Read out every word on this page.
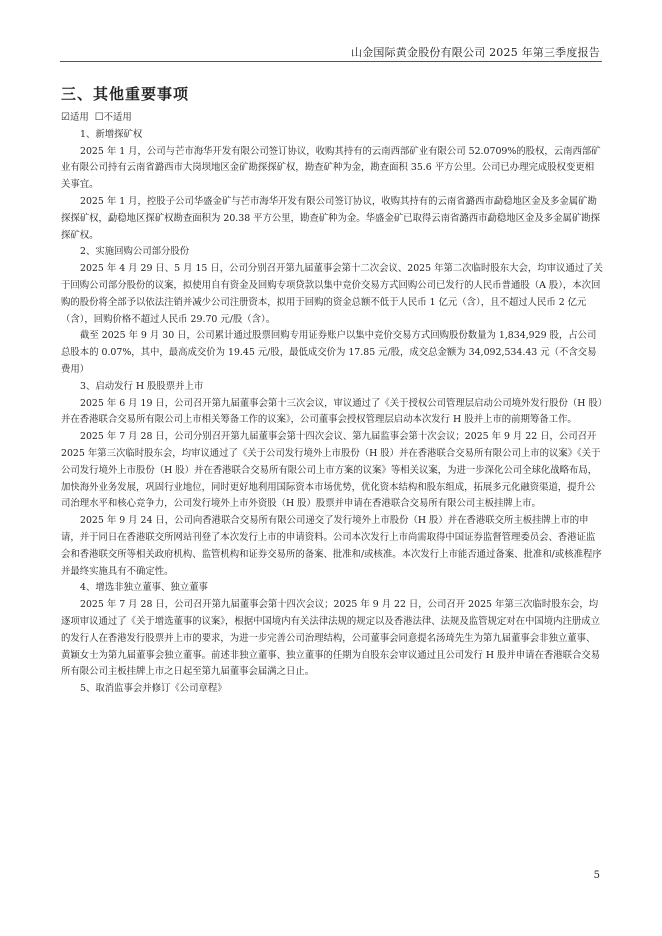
山金国际黄金股份有限公司 2025 年第三季度报告
三、其他重要事项

☑适用 ☐不适用

1、新增探矿权

2025 年 1 月，公司与芒市海华开发有限公司签订协议，收购其持有的云南西部矿业有限公司 52.0709%的股权，云南西部矿业有限公司持有云南省潞西市大岗坝地区金矿勘探探矿权，勘查矿种为金，勘查面积 35.6 平方公里。公司已办理完成股权变更相关事宜。

2025 年 1 月，控股子公司华盛金矿与芒市海华开发有限公司签订协议，收购其持有的云南省潞西市勐稳地区金及多金属矿勘探探矿权，勐稳地区探矿权勘查面积为 20.38 平方公里，勘查矿种为金。华盛金矿已取得云南省潞西市勐稳地区金及多金属矿勘探探矿权。

2、实施回购公司部分股份

2025 年 4 月 29 日、5 月 15 日，公司分别召开第九届董事会第十二次会议、2025 年第二次临时股东大会，均审议通过了关于回购公司部分股份的议案，拟使用自有资金及回购专项贷款以集中竞价交易方式回购公司已发行的人民币普通股（A 股），本次回购的股份将全部予以依法注销并减少公司注册资本，拟用于回购的资金总额不低于人民币 1 亿元（含），且不超过人民币 2 亿元（含），回购价格不超过人民币 29.70 元/股（含）。

截至 2025 年 9 月 30 日，公司累计通过股票回购专用证券账户以集中竞价交易方式回购股份数量为 1,834,929 股，占公司总股本的 0.07%，其中，最高成交价为 19.45 元/股，最低成交价为 17.85 元/股，成交总金额为 34,092,534.43 元（不含交易费用）

3、启动发行 H 股股票并上市

2025 年 6 月 19 日，公司召开第九届董事会第十三次会议，审议通过了《关于授权公司管理层启动公司境外发行股份（H 股）并在香港联合交易所有限公司上市相关筹备工作的议案》，公司董事会授权管理层启动本次发行 H 股并上市的前期筹备工作。

2025 年 7 月 28 日，公司分别召开第九届董事会第十四次会议、第九届监事会第十次会议；2025 年 9 月 22 日，公司召开 2025 年第三次临时股东会，均审议通过了《关于公司发行境外上市股份（H 股）并在香港联合交易所有限公司上市的议案》《关于公司发行境外上市股份（H 股）并在香港联合交易所有限公司上市方案的议案》等相关议案，为进一步深化公司全球化战略布局，加快海外业务发展，巩固行业地位，同时更好地利用国际资本市场优势，优化资本结构和股东组成，拓展多元化融资渠道，提升公司治理水平和核心竞争力，公司发行境外上市外资股（H 股）股票并申请在香港联合交易所有限公司主板挂牌上市。

2025 年 9 月 24 日，公司向香港联合交易所有限公司递交了发行境外上市股份（H 股）并在香港联交所主板挂牌上市的申请，并于同日在香港联交所网站刊登了本次发行上市的申请资料。公司本次发行上市尚需取得中国证券监督管理委员会、香港证监会和香港联交所等相关政府机构、监管机构和证券交易所的备案、批准和/或核准。本次发行上市能否通过备案、批准和/或核准程序并最终实施具有不确定性。

4、增选非独立董事、独立董事

2025 年 7 月 28 日，公司召开第九届董事会第十四次会议；2025 年 9 月 22 日，公司召开 2025 年第三次临时股东会，均逐项审议通过了《关于增选董事的议案》，根据中国境内有关法律法规的规定以及香港法律、法规及监管规定对在中国境内注册成立的发行人在香港发行股票并上市的要求，为进一步完善公司治理结构，公司董事会同意提名汤琦先生为第九届董事会非独立董事、黄颖女士为第九届董事会独立董事。前述非独立董事、独立董事的任期为自股东会审议通过且公司发行 H 股并申请在香港联合交易所有限公司主板挂牌上市之日起至第九届董事会届满之日止。

5、取消监事会并修订《公司章程》

5
